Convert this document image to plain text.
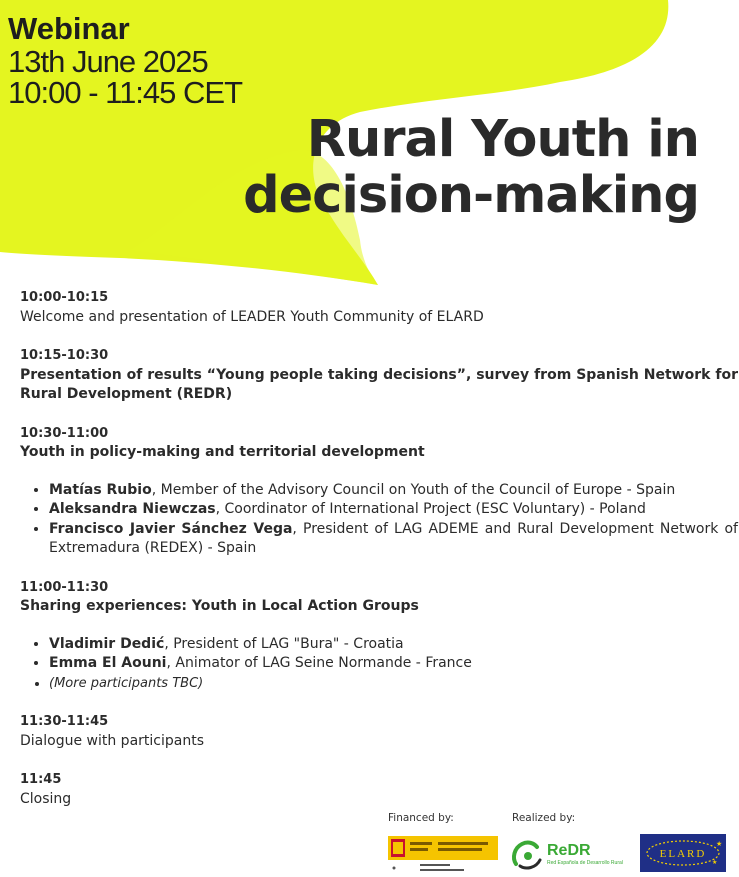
Webinar
13th June 2025
10:00 - 11:45 CET
Rural Youth in
decision-making
10:00-10:15
Welcome and presentation of LEADER Youth Community of ELARD
10:15-10:30
Presentation of results “Young people taking decisions”, survey from Spanish Network for Rural Development (REDR)
10:30-11:00
Youth in policy-making and territorial development
• Matías Rubio, Member of the Advisory Council on Youth of the Council of Europe - Spain
• Aleksandra Niewczas, Coordinator of International Project (ESC Voluntary) - Poland
• Francisco Javier Sánchez Vega, President of LAG ADEME and Rural Development Network of Extremadura (REDEX) - Spain
11:00-11:30
Sharing experiences: Youth in Local Action Groups
• Vladimir Dedić, President of LAG "Bura" - Croatia
• Emma El Aouni, Animator of LAG Seine Normande - France
• (More participants TBC)
11:30-11:45
Dialogue with participants
11:45
Closing
Financed by:	Realized by:
ReDR
Red Española de Desarrollo Rural
ELARD
★
★
